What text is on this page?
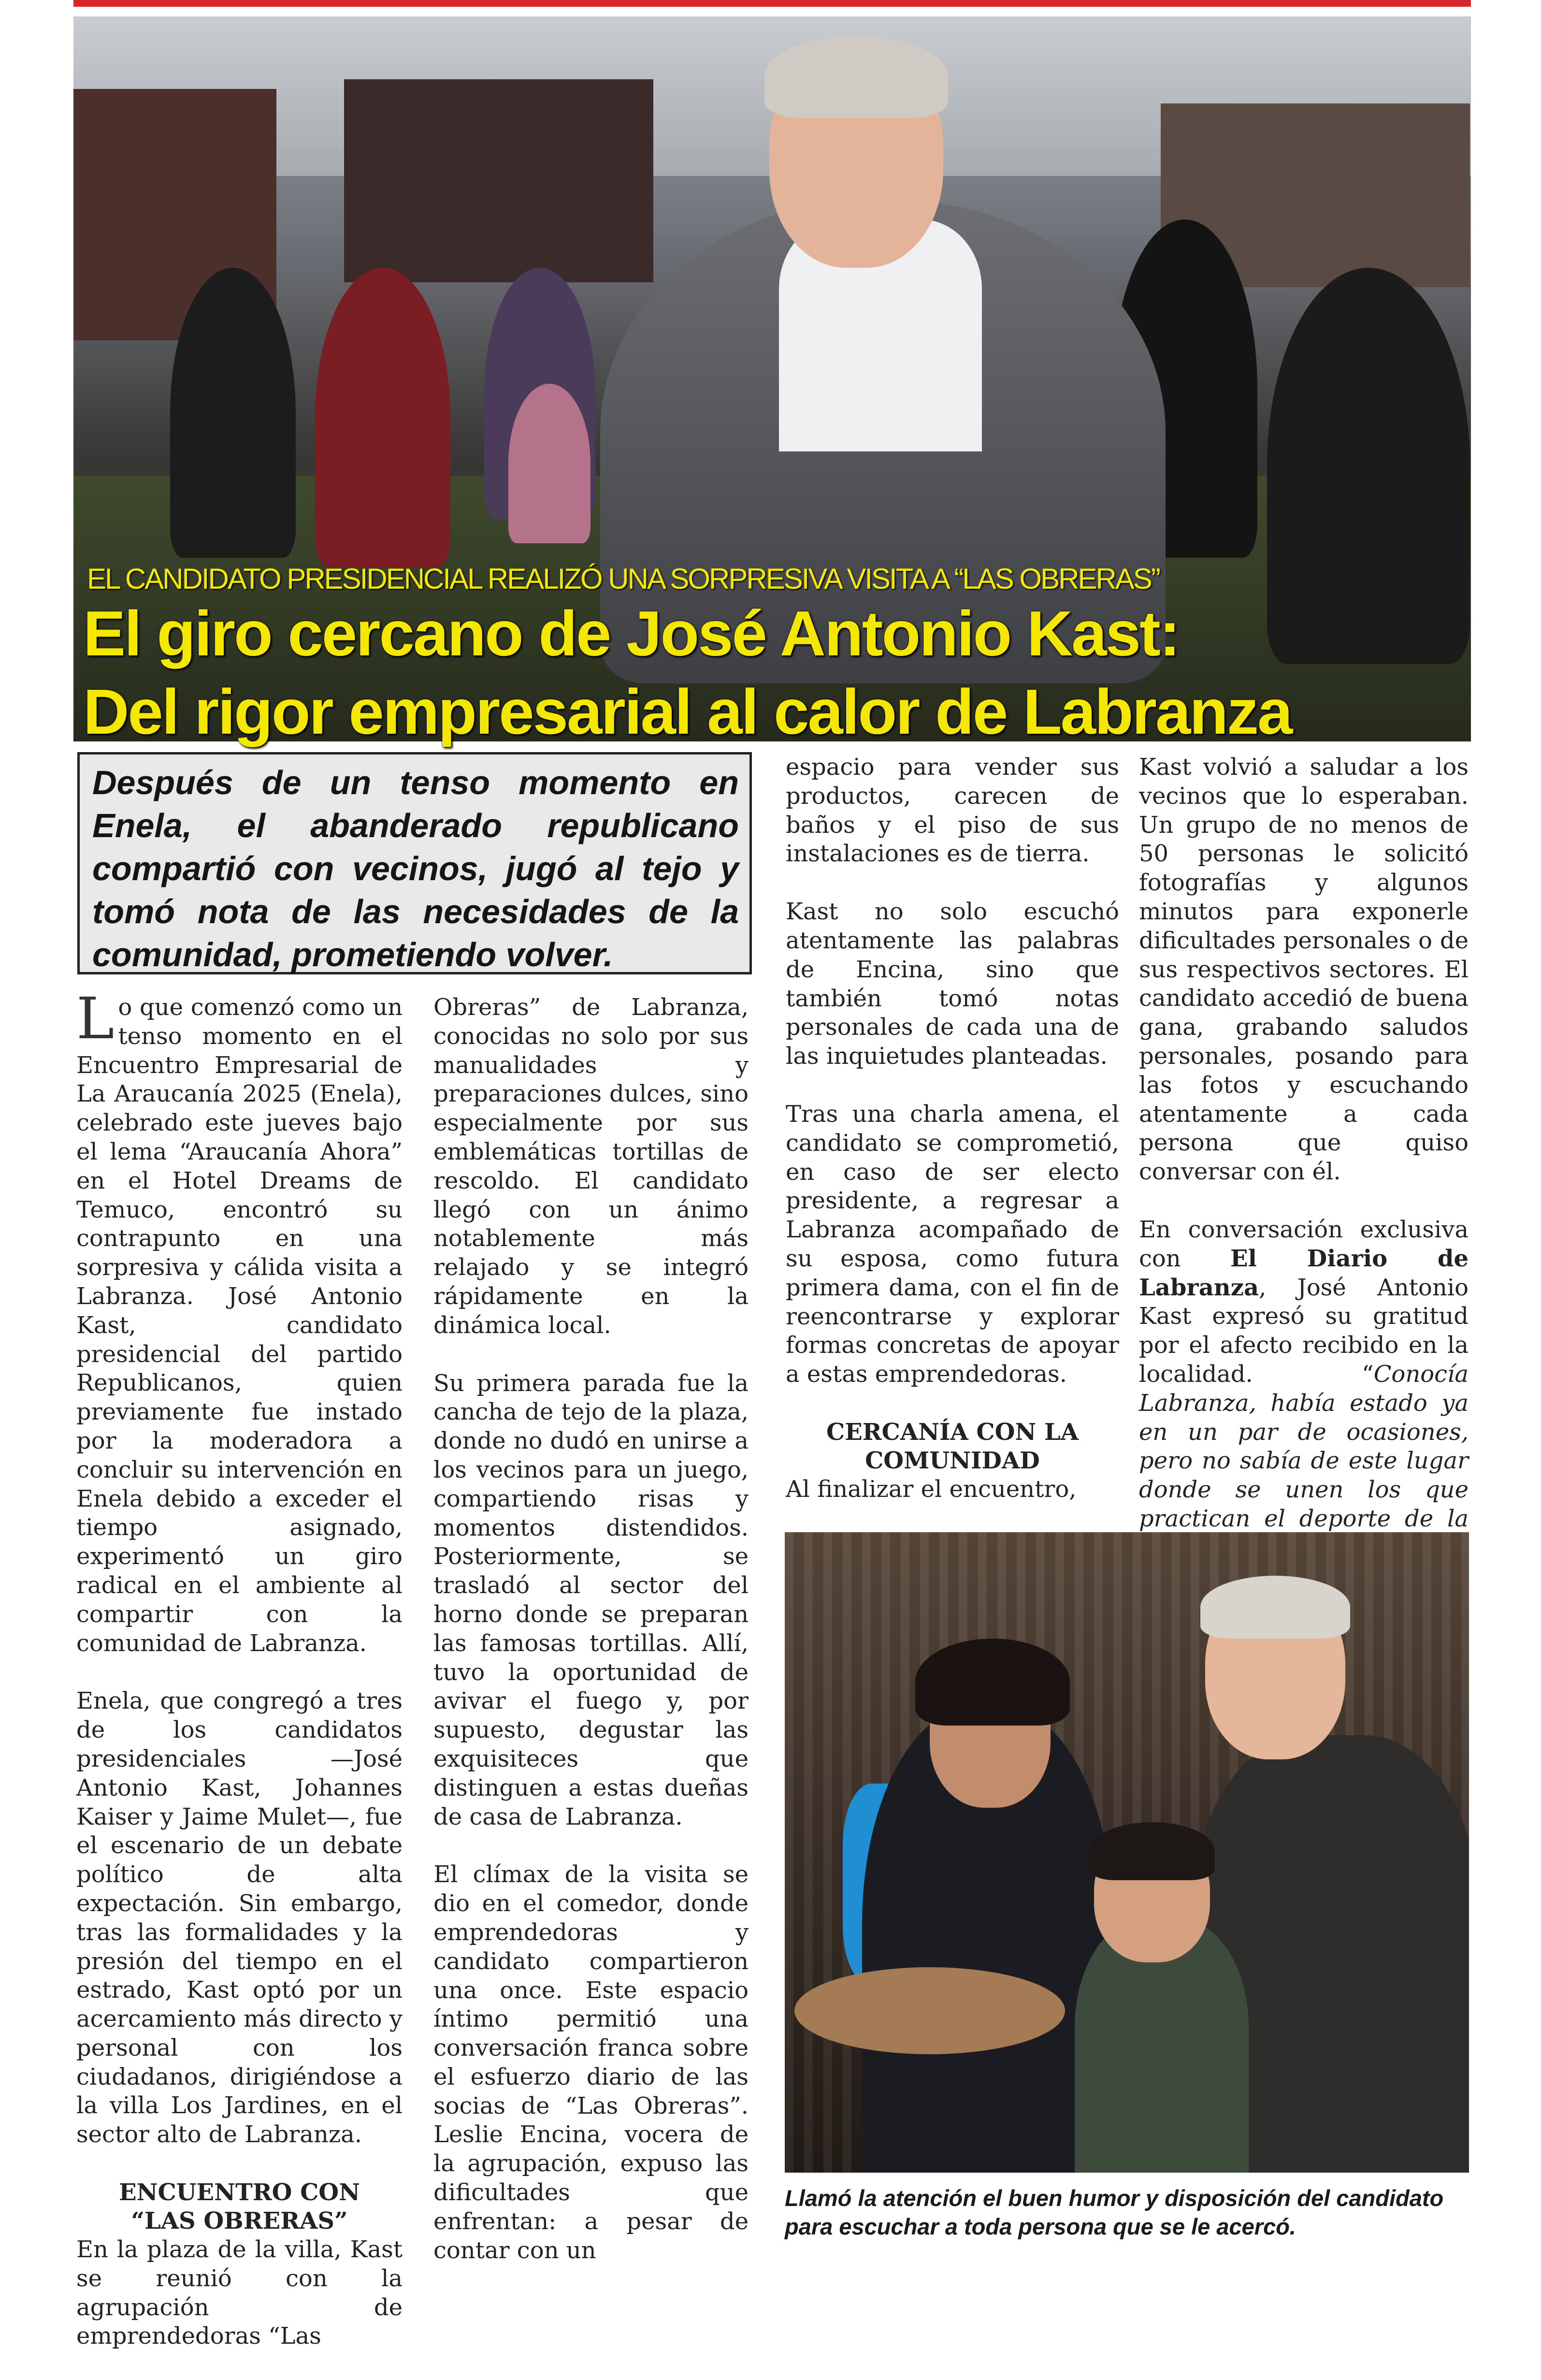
EL CANDIDATO PRESIDENCIAL REALIZÓ UNA SORPRESIVA VISITA A “LAS OBRERAS”
El giro cercano de José Antonio Kast:
Del rigor empresarial al calor de Labranza
Después de un tenso momento en Enela, el abanderado republicano compartió con vecinos, jugó al tejo y tomó nota de las necesidades de la comunidad, prometiendo volver.

Lo que comenzó como un tenso momento en el Encuentro Empresarial de La Araucanía 2025 (Enela), celebrado este jueves bajo el lema “Araucanía Ahora” en el Hotel Dreams de Temuco, encontró su contrapunto en una sorpresiva y cálida visita a Labranza. José Antonio Kast, candidato presidencial del partido Republicanos, quien previamente fue instado por la moderadora a concluir su intervención en Enela debido a exceder el tiempo asignado, experimentó un giro radical en el ambiente al compartir con la comunidad de Labranza.

Enela, que congregó a tres de los candidatos presidenciales —José Antonio Kast, Johannes Kaiser y Jaime Mulet—, fue el escenario de un debate político de alta expectación. Sin embargo, tras las formalidades y la presión del tiempo en el estrado, Kast optó por un acercamiento más directo y personal con los ciudadanos, dirigiéndose a la villa Los Jardines, en el sector alto de Labranza.

ENCUENTRO CON
“LAS OBRERAS”

En la plaza de la villa, Kast se reunió con la agrupación de emprendedoras “Las

Obreras” de Labranza, conocidas no solo por sus manualidades y preparaciones dulces, sino especialmente por sus emblemáticas tortillas de rescoldo. El candidato llegó con un ánimo notablemente más relajado y se integró rápidamente en la dinámica local.

Su primera parada fue la cancha de tejo de la plaza, donde no dudó en unirse a los vecinos para un juego, compartiendo risas y momentos distendidos. Posteriormente, se trasladó al sector del horno donde se preparan las famosas tortillas. Allí, tuvo la oportunidad de avivar el fuego y, por supuesto, degustar las exquisiteces que distinguen a estas dueñas de casa de Labranza.

El clímax de la visita se dio en el comedor, donde emprendedoras y candidato compartieron una once. Este espacio íntimo permitió una conversación franca sobre el esfuerzo diario de las socias de “Las Obreras”. Leslie Encina, vocera de la agrupación, expuso las dificultades que enfrentan: a pesar de contar con un

espacio para vender sus productos, carecen de baños y el piso de sus instalaciones es de tierra.

Kast no solo escuchó atentamente las palabras de Encina, sino que también tomó notas personales de cada una de las inquietudes planteadas.

Tras una charla amena, el candidato se comprometió, en caso de ser electo presidente, a regresar a Labranza acompañado de su esposa, como futura primera dama, con el fin de reencontrarse y explorar formas concretas de apoyar a estas emprendedoras.

CERCANÍA CON LA
COMUNIDAD

Al finalizar el encuentro,

Kast volvió a saludar a los vecinos que lo esperaban. Un grupo de no menos de 50 personas le solicitó fotografías y algunos minutos para exponerle dificultades personales o de sus respectivos sectores. El candidato accedió de buena gana, grabando saludos personales, posando para las fotos y escuchando atentamente a cada persona que quiso conversar con él.

En conversación exclusiva con El Diario de Labranza, José Antonio Kast expresó su gratitud por el afecto recibido en la localidad. “Conocía Labranza, había estado ya en un par de ocasiones, pero no sabía de este lugar donde se unen los que practican el deporte de la

Llamó la atención el buen humor y disposición del candidato para escuchar a toda persona que se le acercó.
